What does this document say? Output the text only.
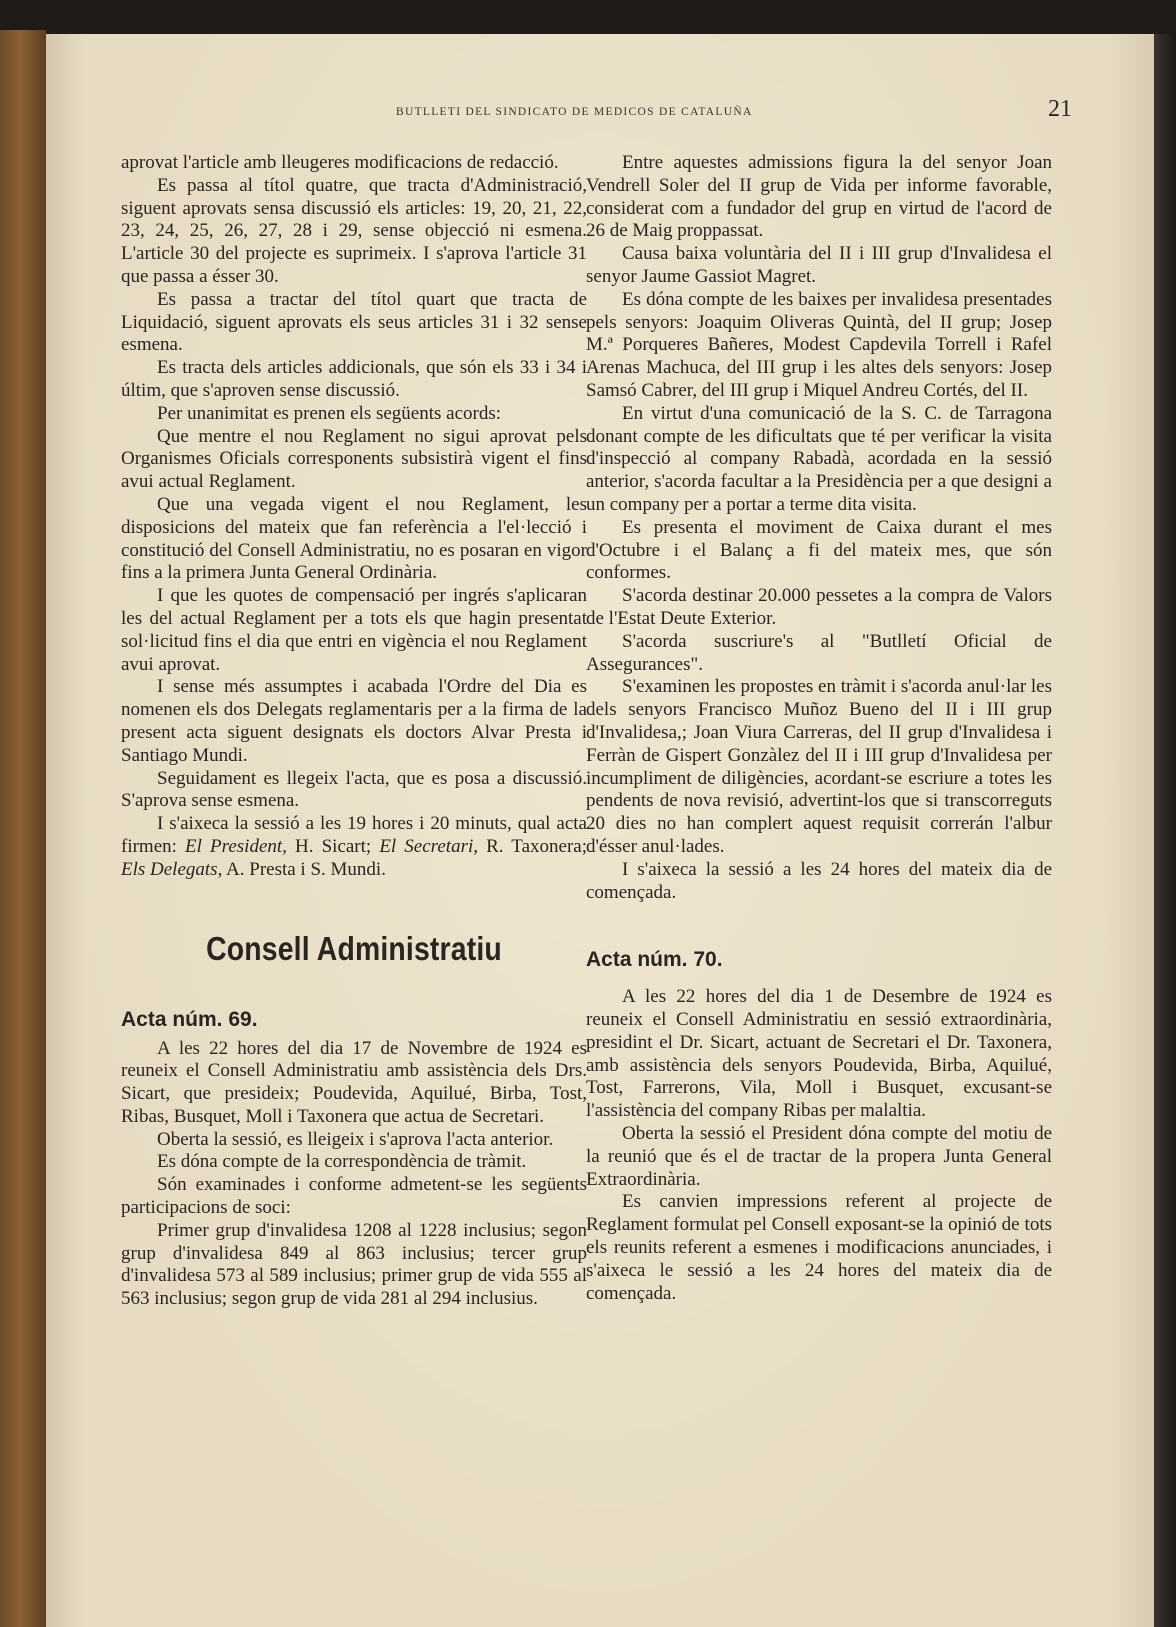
BUTLLETI DEL SINDICATO DE MEDICOS DE CATALUÑA	21

aprovat l'article amb lleugeres modificacions de redacció.

Es passa al títol quatre, que tracta d'Administració, siguent aprovats sensa discussió els articles: 19, 20, 21, 22, 23, 24, 25, 26, 27, 28 i 29, sense objecció ni esmena. L'article 30 del projecte es suprimeix. I s'aprova l'article 31 que passa a ésser 30.

Es passa a tractar del títol quart que tracta de Liquidació, siguent aprovats els seus articles 31 i 32 sense esmena.

Es tracta dels articles addicionals, que són els 33 i 34 i últim, que s'aproven sense discussió.

Per unanimitat es prenen els següents acords:

Que mentre el nou Reglament no sigui aprovat pels Organismes Oficials corresponents subsistirà vigent el fins avui actual Reglament.

Que una vegada vigent el nou Reglament, les disposicions del mateix que fan referència a l'el·lecció i constitució del Consell Administratiu, no es posaran en vigor fins a la primera Junta General Ordinària.

I que les quotes de compensació per ingrés s'aplicaran les del actual Reglament per a tots els que hagin presentat sol·licitud fins el dia que entri en vigència el nou Reglament avui aprovat.

I sense més assumptes i acabada l'Ordre del Dia es nomenen els dos Delegats reglamentaris per a la firma de la present acta siguent designats els doctors Alvar Presta i Santiago Mundi.

Seguidament es llegeix l'acta, que es posa a discussió. S'aprova sense esmena.

I s'aixeca la sessió a les 19 hores i 20 minuts, qual acta firmen: El President, H. Sicart; El Secretari, R. Taxonera; Els Delegats, A. Presta i S. Mundi.

Consell Administratiu
Acta núm. 69.

A les 22 hores del dia 17 de Novembre de 1924 es reuneix el Consell Administratiu amb assistència dels Drs. Sicart, que presideix; Poudevida, Aquilué, Birba, Tost, Ribas, Busquet, Moll i Taxonera que actua de Secretari.

Oberta la sessió, es lleigeix i s'aprova l'acta anterior.

Es dóna compte de la correspondència de tràmit.

Són examinades i conforme admetent-se les següents participacions de soci:

Primer grup d'invalidesa 1208 al 1228 inclusius; segon grup d'invalidesa 849 al 863 inclusius; tercer grup d'invalidesa 573 al 589 inclusius; primer grup de vida 555 al 563 inclusius; segon grup de vida 281 al 294 inclusius.

Entre aquestes admissions figura la del senyor Joan Vendrell Soler del II grup de Vida per informe favorable, considerat com a fundador del grup en virtud de l'acord de 26 de Maig proppassat.

Causa baixa voluntària del II i III grup d'Invalidesa el senyor Jaume Gassiot Magret.

Es dóna compte de les baixes per invalidesa presentades pels senyors: Joaquim Oliveras Quintà, del II grup; Josep M.ª Porqueres Bañeres, Modest Capdevila Torrell i Rafel Arenas Machuca, del III grup i les altes dels senyors: Josep Samsó Cabrer, del III grup i Miquel Andreu Cortés, del II.

En virtut d'una comunicació de la S. C. de Tarragona donant compte de les dificultats que té per verificar la visita d'inspecció al company Rabadà, acordada en la sessió anterior, s'acorda facultar a la Presidència per a que designi a un company per a portar a terme dita visita.

Es presenta el moviment de Caixa durant el mes d'Octubre i el Balanç a fi del mateix mes, que són conformes.

S'acorda destinar 20.000 pessetes a la compra de Valors de l'Estat Deute Exterior.

S'acorda suscriure's al "Butlletí Oficial de Assegurances".

S'examinen les propostes en tràmit i s'acorda anul·lar les dels senyors Francisco Muñoz Bueno del II i III grup d'Invalidesa,; Joan Viura Carreras, del II grup d'Invalidesa i Ferràn de Gispert Gonzàlez del II i III grup d'Invalidesa per incumpliment de diligències, acordant-se escriure a totes les pendents de nova revisió, advertint-los que si transcorreguts 20 dies no han complert aquest requisit correrán l'albur d'ésser anul·lades.

I s'aixeca la sessió a les 24 hores del mateix dia de començada.

Acta núm. 70.

A les 22 hores del dia 1 de Desembre de 1924 es reuneix el Consell Administratiu en sessió extraordinària, presidint el Dr. Sicart, actuant de Secretari el Dr. Taxonera, amb assistència dels senyors Poudevida, Birba, Aquilué, Tost, Farrerons, Vila, Moll i Busquet, excusant-se l'assistència del company Ribas per malaltia.

Oberta la sessió el President dóna compte del motiu de la reunió que és el de tractar de la propera Junta General Extraordinària.

Es canvien impressions referent al projecte de Reglament formulat pel Consell exposant-se la opinió de tots els reunits referent a esmenes i modificacions anunciades, i s'aixeca le sessió a les 24 hores del mateix dia de començada.
